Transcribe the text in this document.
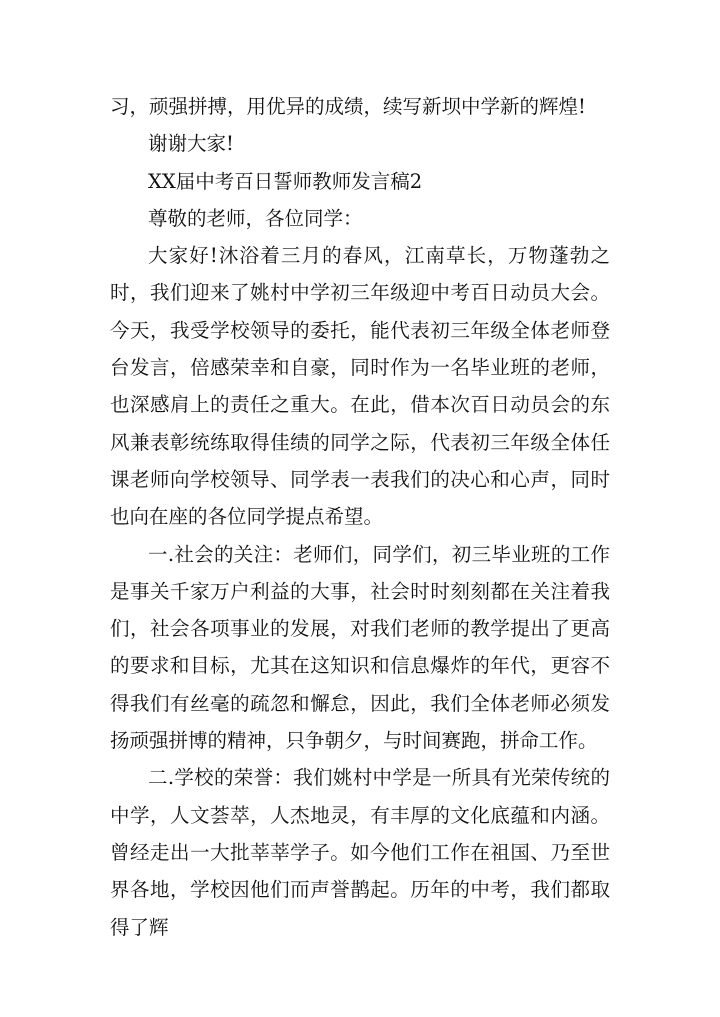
习，顽强拼搏，用优异的成绩，续写新坝中学新的辉煌!

谢谢大家!

XX届中考百日誓师教师发言稿2

尊敬的老师，各位同学：

大家好!沐浴着三月的春风，江南草长，万物蓬勃之时，我们迎来了姚村中学初三年级迎中考百日动员大会。今天，我受学校领导的委托，能代表初三年级全体老师登台发言，倍感荣幸和自豪，同时作为一名毕业班的老师，也深感肩上的责任之重大。在此，借本次百日动员会的东风兼表彰统练取得佳绩的同学之际，代表初三年级全体任课老师向学校领导、同学表一表我们的决心和心声，同时也向在座的各位同学提点希望。

一.社会的关注：老师们，同学们，初三毕业班的工作是事关千家万户利益的大事，社会时时刻刻都在关注着我们，社会各项事业的发展，对我们老师的教学提出了更高的要求和目标，尤其在这知识和信息爆炸的年代，更容不得我们有丝毫的疏忽和懈怠，因此，我们全体老师必须发扬顽强拼博的精神，只争朝夕，与时间赛跑，拼命工作。

二.学校的荣誉：我们姚村中学是一所具有光荣传统的中学，人文荟萃，人杰地灵，有丰厚的文化底蕴和内涵。曾经走出一大批莘莘学子。如今他们工作在祖国、乃至世界各地，学校因他们而声誉鹊起。历年的中考，我们都取得了辉
